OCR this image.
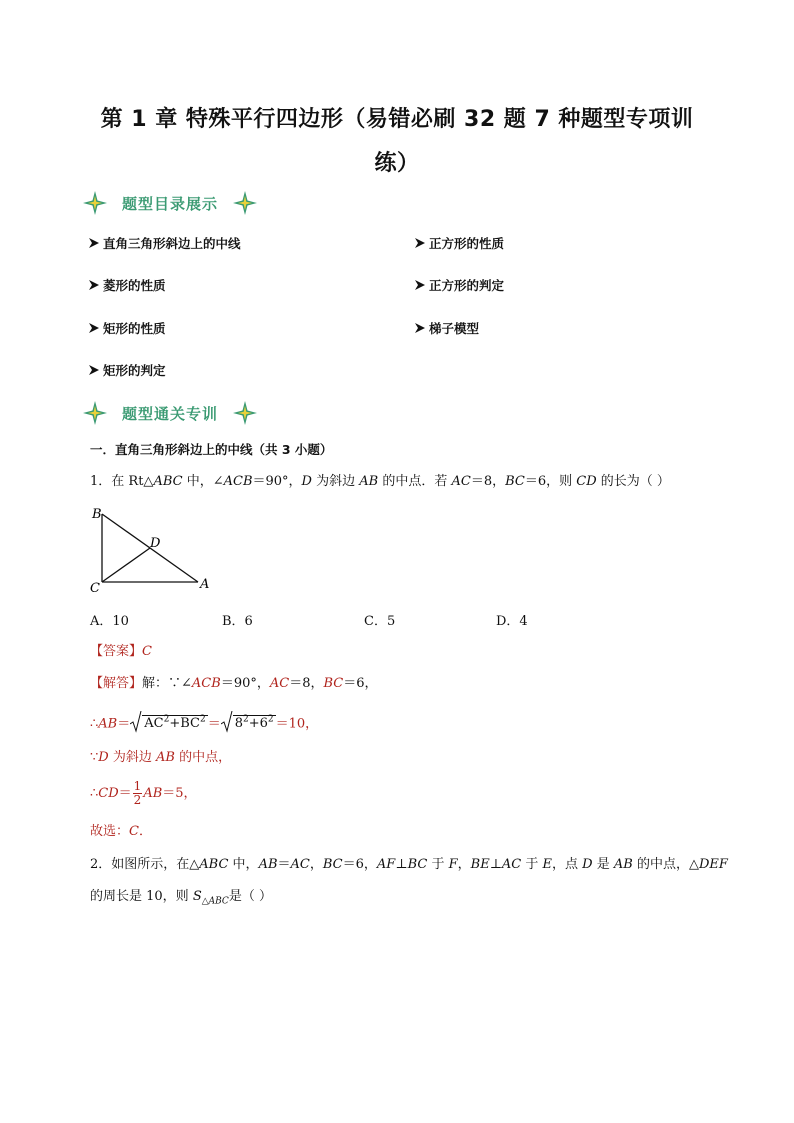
第 1 章 特殊平行四边形（易错必刷 32 题 7 种题型专项训
练）
题型目录展示
直角三角形斜边上的中线	正方形的性质
菱形的性质	正方形的判定
矩形的性质	梯子模型
矩形的判定
题型通关专训
一．直角三角形斜边上的中线（共 3 小题）
1．在 Rt△ABC 中，∠ACB＝90°，D 为斜边 AB 的中点．若 AC＝8，BC＝6，则 CD 的长为（ ）
B
C	A
D
A．10	B．6	C．5	D．4
【答案】C
【解答】解：∵∠ACB＝90°，AC＝8，BC＝6，
∴AB＝ $AC^2+BC^2 = 8^2+6^2 =10$，
∵D 为斜边 AB 的中点，
∴CD＝ $\frac{1}{2} AB=5$，
故选：C．
2．如图所示，在△ABC 中，AB＝AC，BC＝6，AF⊥BC 于 F，BE⊥AC 于 E，点 D 是 AB 的中点，△DEF
的周长是 10，则 $S_{\triangle ABC}$是（ ）
